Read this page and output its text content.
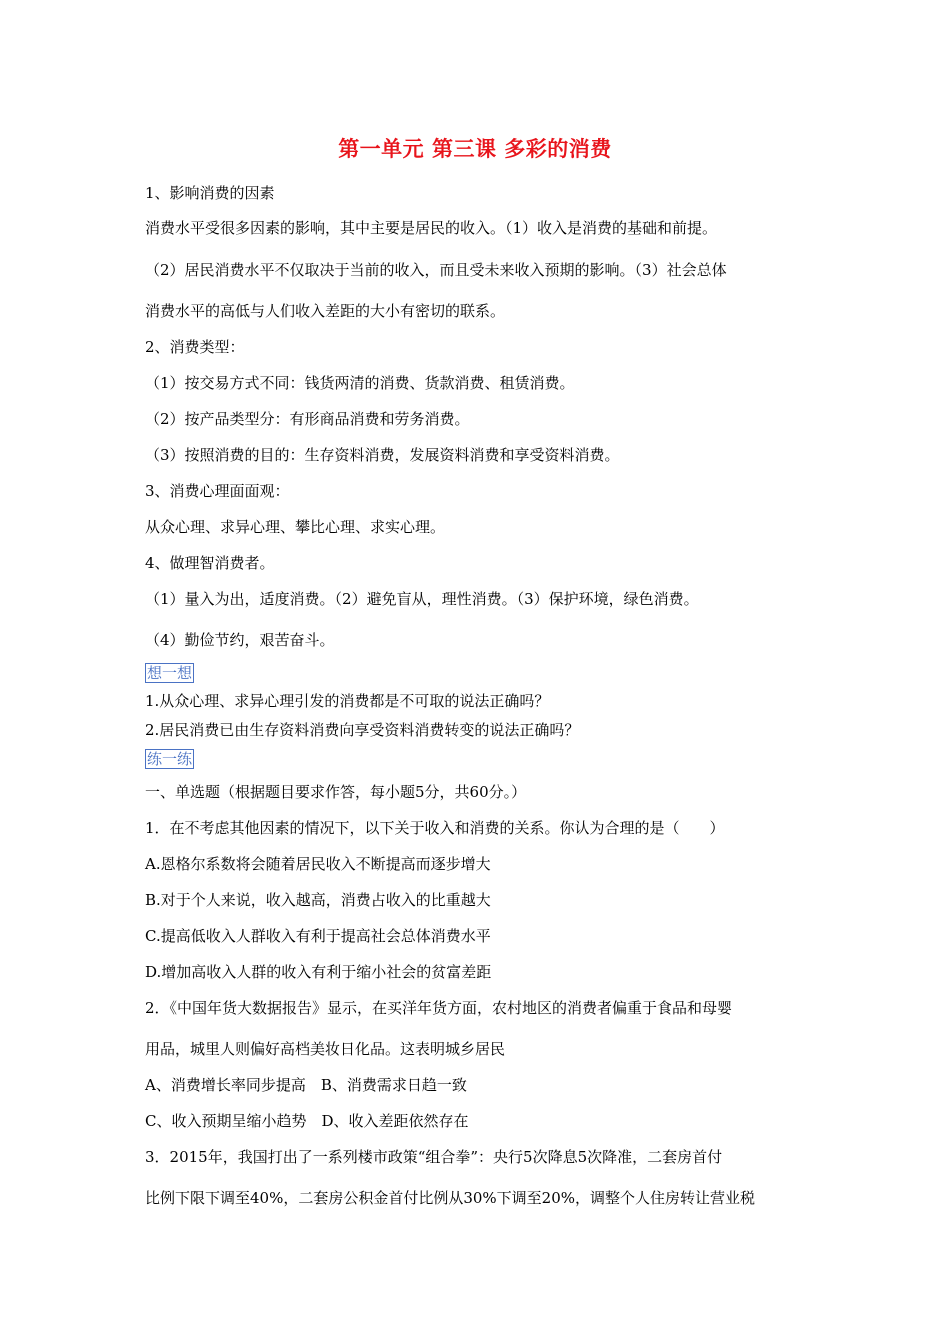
第一单元 第三课 多彩的消费
1、影响消费的因素
消费水平受很多因素的影响，其中主要是居民的收入。（1）收入是消费的基础和前提。
（2）居民消费水平不仅取决于当前的收入，而且受未来收入预期的影响。（3）社会总体
消费水平的高低与人们收入差距的大小有密切的联系。
2、消费类型：
（1）按交易方式不同：钱货两清的消费、货款消费、租赁消费。
（2）按产品类型分：有形商品消费和劳务消费。
（3）按照消费的目的：生存资料消费，发展资料消费和享受资料消费。
3、消费心理面面观：
从众心理、求异心理、攀比心理、求实心理。
4、做理智消费者。
（1）量入为出，适度消费。（2）避免盲从，理性消费。（3）保护环境，绿色消费。
（4）勤俭节约，艰苦奋斗。
想一想
1.从众心理、求异心理引发的消费都是不可取的说法正确吗？
2.居民消费已由生存资料消费向享受资料消费转变的说法正确吗？
练一练
一、单选题（根据题目要求作答，每小题5分，共60分。）
1．在不考虑其他因素的情况下，以下关于收入和消费的关系。你认为合理的是（　　）
A.恩格尔系数将会随着居民收入不断提高而逐步增大
B.对于个人来说，收入越高，消费占收入的比重越大
C.提高低收入人群收入有利于提高社会总体消费水平
D.增加高收入人群的收入有利于缩小社会的贫富差距
2．《中国年货大数据报告》显示，在买洋年货方面，农村地区的消费者偏重于食品和母婴
用品，城里人则偏好高档美妆日化品。这表明城乡居民
A、消费增长率同步提高　B、消费需求日趋一致
C、收入预期呈缩小趋势　D、收入差距依然存在
3．2015年，我国打出了一系列楼市政策“组合拳”：央行5次降息5次降准，二套房首付
比例下限下调至40%，二套房公积金首付比例从30%下调至20%，调整个人住房转让营业税
